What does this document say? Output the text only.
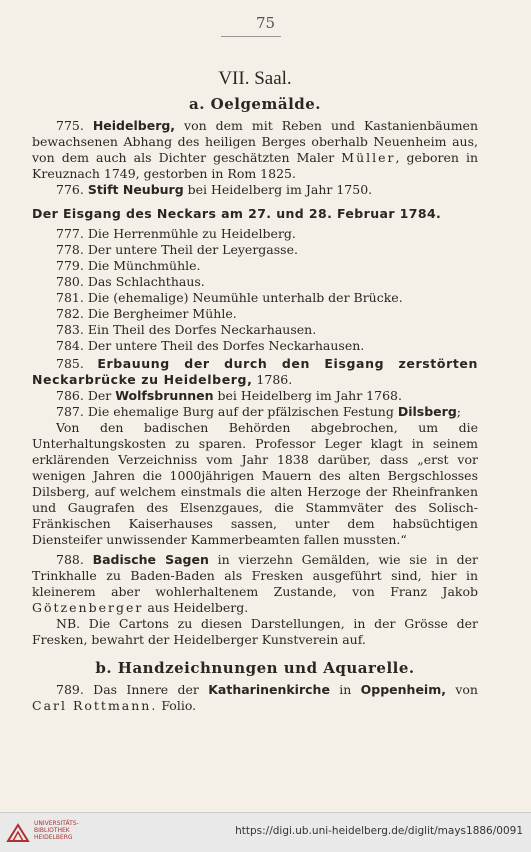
75
VII. Saal.
a. Oelgemälde.

775. Heidelberg, von dem mit Reben und Kastanienbäumen bewachsenen Abhang des heiligen Berges oberhalb Neuenheim aus, von dem auch als Dichter geschätzten Maler Müller, geboren in Kreuznach 1749, gestorben in Rom 1825.

776. Stift Neuburg bei Heidelberg im Jahr 1750.

Der Eisgang des Neckars am 27. und 28. Februar 1784.

777. Die Herrenmühle zu Heidelberg.

778. Der untere Theil der Leyergasse.

779. Die Münchmühle.

780. Das Schlachthaus.

781. Die (ehemalige) Neumühle unterhalb der Brücke.

782. Die Bergheimer Mühle.

783. Ein Theil des Dorfes Neckarhausen.

784. Der untere Theil des Dorfes Neckarhausen.

785. Erbauung der durch den Eisgang zerstörten Neckarbrücke zu Heidelberg, 1786.

786. Der Wolfsbrunnen bei Heidelberg im Jahr 1768.

787. Die ehemalige Burg auf der pfälzischen Festung Dilsberg;

Von den badischen Behörden abgebrochen, um die Unterhaltungskosten zu sparen. Professor Leger klagt in seinem erklärenden Verzeichniss vom Jahr 1838 darüber, dass „erst vor wenigen Jahren die 1000jährigen Mauern des alten Bergschlosses Dilsberg, auf welchem einstmals die alten Herzoge der Rheinfranken und Gaugrafen des Elsenzgaues, die Stammväter des Solisch-Fränkischen Kaiserhauses sassen, unter dem habsüchtigen Diensteifer unwissender Kammerbeamten fallen mussten.“

788. Badische Sagen in vierzehn Gemälden, wie sie in der Trinkhalle zu Baden-Baden als Fresken ausgeführt sind, hier in kleinerem aber wohlerhaltenem Zustande, von Franz Jakob Götzenberger aus Heidelberg.

NB. Die Cartons zu diesen Darstellungen, in der Grösse der Fresken, bewahrt der Heidelberger Kunstverein auf.

b. Handzeichnungen und Aquarelle.

789. Das Innere der Katharinenkirche in Oppenheim, von Carl Rottmann. Folio.

UNIVERSITÄTS-
BIBLIOTHEK
HEIDELBERG
https://digi.ub.uni-heidelberg.de/diglit/mays1886/0091
